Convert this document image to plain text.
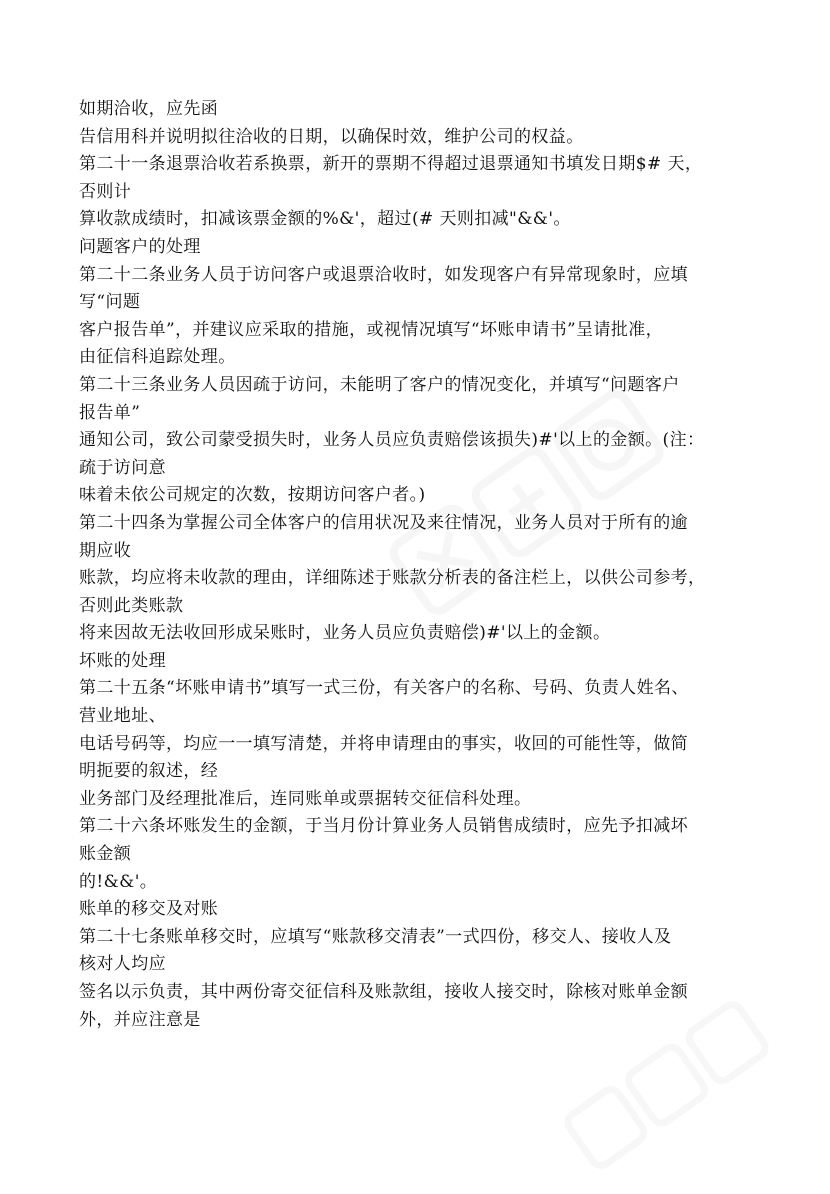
如期洽收，应先函
告信用科并说明拟往洽收的日期，以确保时效，维护公司的权益。
第二十一条退票洽收若系换票，新开的票期不得超过退票通知书填发日期$# 天，
否则计
算收款成绩时，扣减该票金额的%&'，超过(# 天则扣减"&&'。
问题客户的处理
第二十二条业务人员于访问客户或退票洽收时，如发现客户有异常现象时，应填
写“问题
客户报告单”，并建议应采取的措施，或视情况填写“坏账申请书”呈请批准，
由征信科追踪处理。
第二十三条业务人员因疏于访问，未能明了客户的情况变化，并填写“问题客户
报告单”
通知公司，致公司蒙受损失时，业务人员应负责赔偿该损失)#'以上的金额。(注：
疏于访问意
味着未依公司规定的次数，按期访问客户者。)
第二十四条为掌握公司全体客户的信用状况及来往情况，业务人员对于所有的逾
期应收
账款，均应将未收款的理由，详细陈述于账款分析表的备注栏上，以供公司参考，
否则此类账款
将来因故无法收回形成呆账时，业务人员应负责赔偿)#'以上的金额。
坏账的处理
第二十五条“坏账申请书”填写一式三份，有关客户的名称、号码、负责人姓名、
营业地址、
电话号码等，均应一一填写清楚，并将申请理由的事实，收回的可能性等，做简
明扼要的叙述，经
业务部门及经理批准后，连同账单或票据转交征信科处理。
第二十六条坏账发生的金额，于当月份计算业务人员销售成绩时，应先予扣减坏
账金额
的!&&'。
账单的移交及对账
第二十七条账单移交时，应填写“账款移交清表”一式四份，移交人、接收人及
核对人均应
签名以示负责，其中两份寄交征信科及账款组，接收人接交时，除核对账单金额
外，并应注意是
